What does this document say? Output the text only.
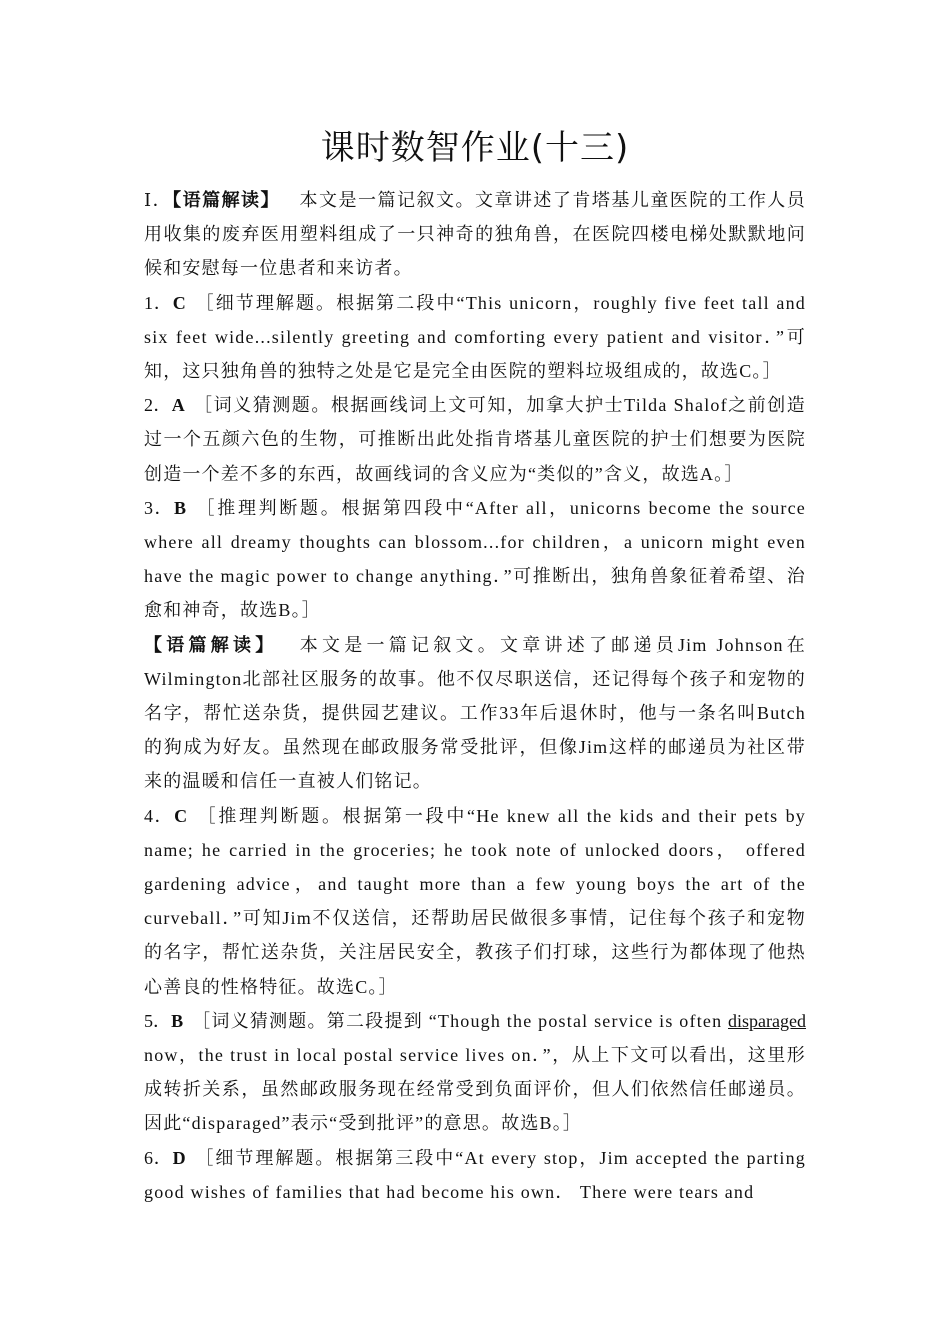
课时数智作业(十三)

Ⅰ．【语篇解读】  本文是一篇记叙文。文章讲述了肯塔基儿童医院的工作人员用收集的废弃医用塑料组成了一只神奇的独角兽，在医院四楼电梯处默默地问候和安慰每一位患者和来访者。

1．C  ［细节理解题。根据第二段中“This unicorn，roughly five feet tall and six feet wide...silently greeting and comforting every patient and visitor．”可知，这只独角兽的独特之处是它是完全由医院的塑料垃圾组成的，故选C。］

2．A  ［词义猜测题。根据画线词上文可知，加拿大护士Tilda Shalof之前创造过一个五颜六色的生物，可推断出此处指肯塔基儿童医院的护士们想要为医院创造一个差不多的东西，故画线词的含义应为“类似的”含义，故选A。］

3．B  ［推理判断题。根据第四段中“After all，unicorns become the source where all dreamy thoughts can blossom...for children，a unicorn might even have the magic power to change anything．”可推断出，独角兽象征着希望、治愈和神奇，故选B。］

【语篇解读】  本文是一篇记叙文。文章讲述了邮递员Jim Johnson在Wilmington北部社区服务的故事。他不仅尽职送信，还记得每个孩子和宠物的名字，帮忙送杂货，提供园艺建议。工作33年后退休时，他与一条名叫Butch的狗成为好友。虽然现在邮政服务常受批评，但像Jim这样的邮递员为社区带来的温暖和信任一直被人们铭记。

4．C  ［推理判断题。根据第一段中“He knew all the kids and their pets by name; he carried in the groceries; he took note of unlocked doors， offered gardening advice，and taught more than a few young boys the art of the curveball．”可知Jim不仅送信，还帮助居民做很多事情，记住每个孩子和宠物的名字，帮忙送杂货，关注居民安全，教孩子们打球，这些行为都体现了他热心善良的性格特征。故选C。］

5．B  ［词义猜测题。第二段提到 “Though the postal service is often disparaged now，the trust in local postal service lives on．”，从上下文可以看出，这里形成转折关系，虽然邮政服务现在经常受到负面评价，但人们依然信任邮递员。因此“disparaged”表示“受到批评”的意思。故选B。］

6．D  ［细节理解题。根据第三段中“At every stop，Jim accepted the parting good wishes of families that had become his own． There were tears and
